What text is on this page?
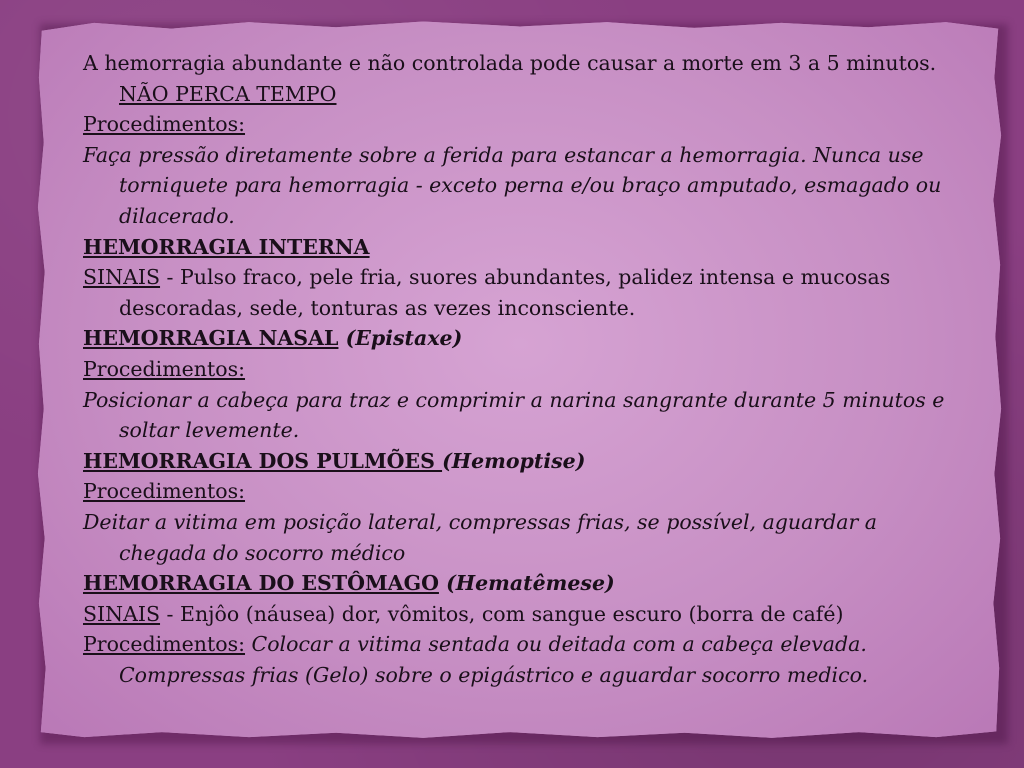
A hemorragia abundante e não controlada pode causar a morte em 3 a 5 minutos. NÃO PERCA TEMPO

Procedimentos:

Faça pressão diretamente sobre a ferida para estancar a hemorragia. Nunca use torniquete para hemorragia - exceto perna e/ou braço amputado, esmagado ou dilacerado.

HEMORRAGIA INTERNA

SINAIS - Pulso fraco, pele fria, suores abundantes, palidez intensa e mucosas descoradas, sede, tonturas as vezes inconsciente.

HEMORRAGIA NASAL (Epistaxe)

Procedimentos:

Posicionar a cabeça para traz e comprimir a narina sangrante durante 5 minutos e soltar levemente.

HEMORRAGIA DOS PULMÕES (Hemoptise)

Procedimentos:

Deitar a vitima em posição lateral, compressas frias, se possível, aguardar a chegada do socorro médico

HEMORRAGIA DO ESTÔMAGO (Hematêmese)

SINAIS - Enjôo (náusea) dor, vômitos, com sangue escuro (borra de café)

Procedimentos: Colocar a vitima sentada ou deitada com a cabeça elevada. Compressas frias (Gelo) sobre o epigástrico e aguardar socorro medico.
